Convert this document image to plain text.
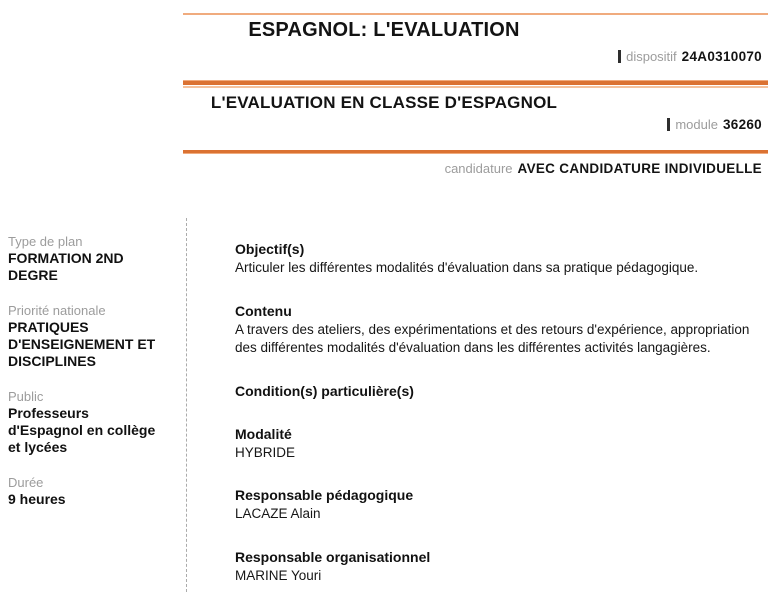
ESPAGNOL: L'EVALUATION
dispositif 24A0310070
L'EVALUATION EN CLASSE D'ESPAGNOL
module 36260
candidature AVEC CANDIDATURE INDIVIDUELLE
Type de plan
FORMATION 2ND DEGRE
Priorité nationale
PRATIQUES D'ENSEIGNEMENT ET DISCIPLINES
Public
Professeurs d'Espagnol en collège et lycées
Durée
9 heures
Objectif(s)

Articuler les différentes modalités d'évaluation dans sa pratique pédagogique.

Contenu

A travers des ateliers, des expérimentations et des retours d'expérience, appropriation des différentes modalités d'évaluation dans les différentes activités langagières.

Condition(s) particulière(s)

Modalité

HYBRIDE

Responsable pédagogique

LACAZE Alain

Responsable organisationnel

MARINE Youri
